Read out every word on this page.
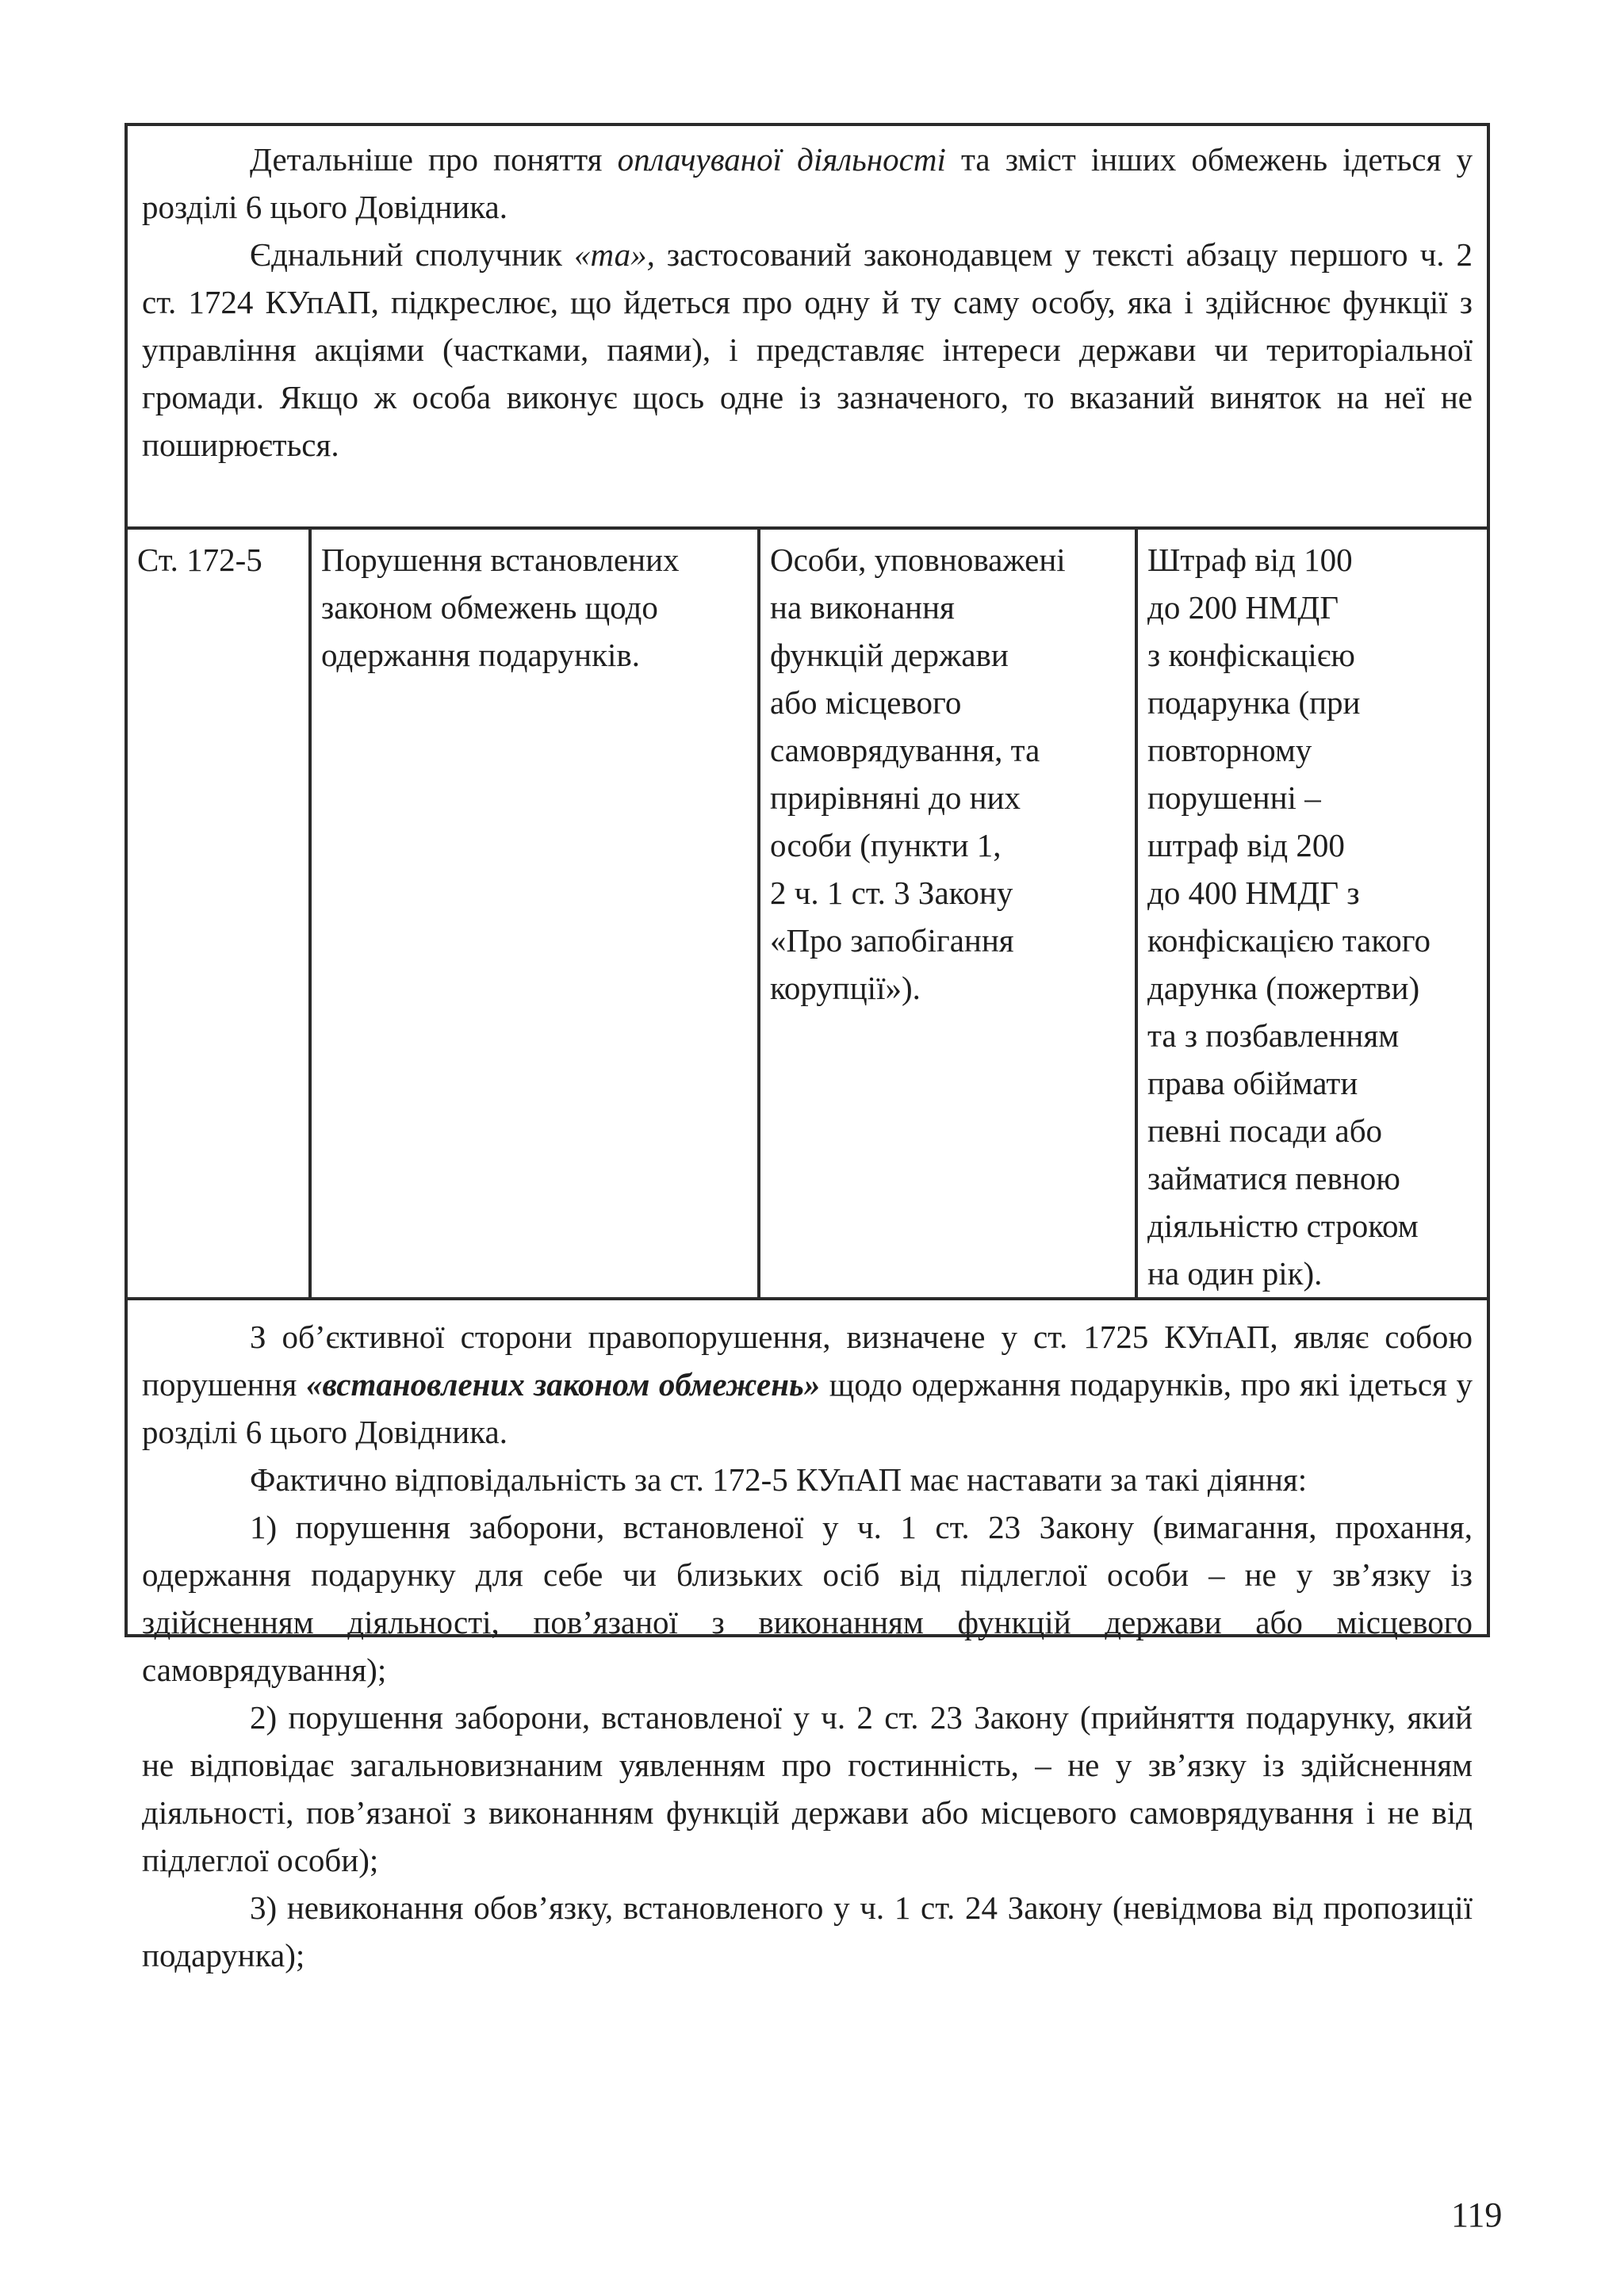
Детальніше про поняття оплачуваної діяльності та зміст інших обмежень ідеться у розділі 6 цього Довідника.

Єднальний сполучник «та», застосований законодавцем у тексті абзацу першого ч. 2 ст. 1724 КУпАП, підкреслює, що йдеться про одну й ту саму особу, яка і здійснює функції з управління акціями (частками, паями), і представляє інтереси держави чи територіальної громади. Якщо ж особа виконує щось одне із зазначеного, то вказаний виняток на неї не поширюється.

Ст. 172-5	Порушення встановлених
законом обмежень щодо
одержання подарунків.
Особи, уповноважені
на виконання
функцій держави
або місцевого
самоврядування, та
прирівняні до них
особи (пункти 1,
2 ч. 1 ст. 3 Закону
«Про запобігання
корупції»).
Штраф від 100
до 200 НМДГ
з конфіскацією
подарунка (при
повторному
порушенні –
штраф від 200
до 400 НМДГ з
конфіскацією такого
дарунка (пожертви)
та з позбавленням
права обіймати
певні посади або
займатися певною
діяльністю строком
на один рік).

З об’єктивної сторони правопорушення, визначене у ст. 1725 КУпАП, являє собою порушення «встановлених законом обмежень» щодо одержання подарунків, про які ідеться у розділі 6 цього Довідника.

Фактично відповідальність за ст. 172-5 КУпАП має наставати за такі діяння:

1) порушення заборони, встановленої у ч. 1 ст. 23 Закону (вимагання, прохання, одержання подарунку для себе чи близьких осіб від підлеглої особи – не у зв’язку із здійсненням діяльності, пов’язаної з виконанням функцій держави або місцевого самоврядування);

2) порушення заборони, встановленої у ч. 2 ст. 23 Закону (прийняття подарунку, який не відповідає загальновизнаним уявленням про гостинність, – не у зв’язку із здійсненням діяльності, пов’язаної з виконанням функцій держави або місцевого самоврядування і не від підлеглої особи);

3) невиконання обов’язку, встановленого у ч. 1 ст. 24 Закону (невідмова від пропозиції подарунка);

119
